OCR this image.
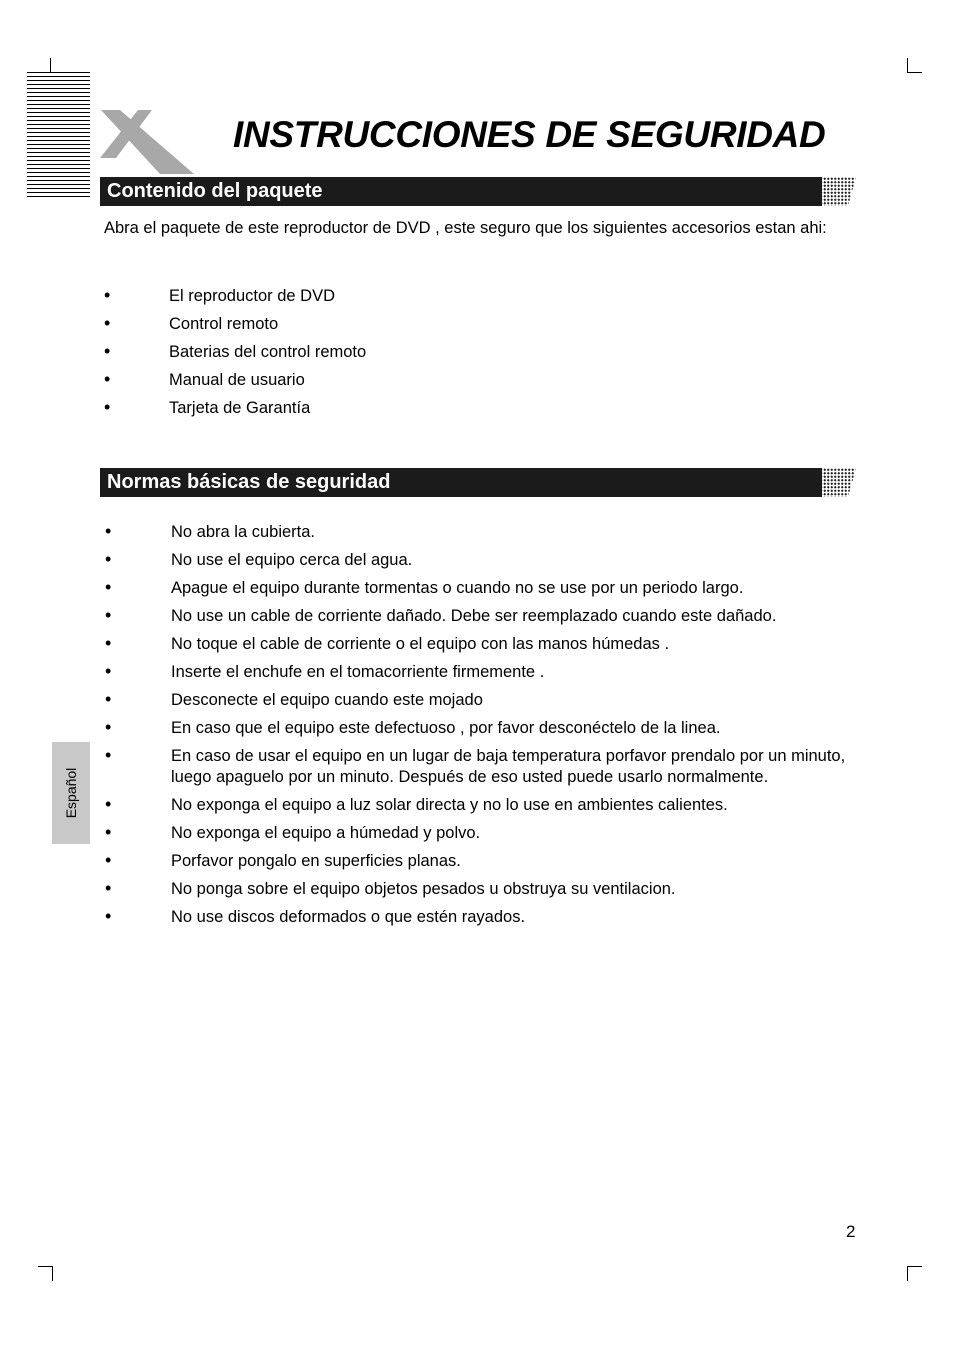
INSTRUCCIONES DE SEGURIDAD
Contenido del paquete

Abra el paquete de este reproductor de DVD , este seguro que los siguientes accesorios estan ahi:

•	El reproductor de DVD
•	Control remoto
•	Baterias del control remoto
•	Manual de usuario
•	Tarjeta de Garantía
Normas básicas de seguridad
•	No abra la cubierta.
•	No use el equipo cerca del agua.
•	Apague el equipo durante tormentas o cuando no se use por un periodo largo.
•	No use un cable de corriente dañado. Debe ser reemplazado cuando este dañado.
•	No toque el cable de corriente o el equipo con las manos húmedas .
•	Inserte el enchufe en el tomacorriente firmemente .
•	Desconecte el equipo cuando este mojado
•	En caso que el equipo este defectuoso , por favor desconéctelo de la linea.
•	En caso de usar el equipo en un lugar de baja temperatura porfavor prendalo por un minuto, luego apaguelo por un minuto. Después de eso usted puede usarlo normalmente.
•	No exponga el equipo a luz solar directa y no lo use en ambientes calientes.
•	No exponga el equipo a húmedad y polvo.
•	Porfavor pongalo en superficies planas.
•	No ponga sobre el equipo objetos pesados u obstruya su ventilacion.
•	No use discos deformados o que estén rayados.
Español
2
